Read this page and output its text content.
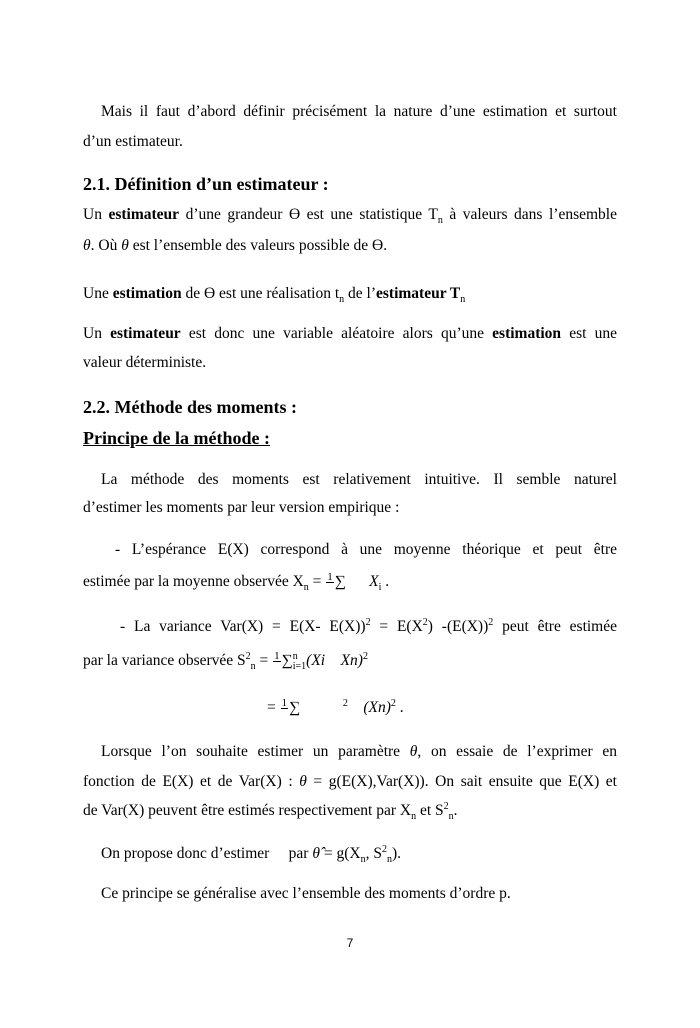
Mais il faut d’abord définir précisément la nature d’une estimation et surtout
d’un estimateur.
2.1. Définition d’un estimateur :
Un estimateur d’une grandeur ϴ est une statistique $T_n$ à valeurs dans l’ensemble
θ. Où θ est l’ensemble des valeurs possible de ϴ.
Une estimation de ϴ est une réalisation $t_n$ de l’estimateur $T_n$
Un estimateur est donc une variable aléatoire alors qu’une estimation est une
valeur déterministe.
2.2. Méthode des moments :
Principe de la méthode :
La méthode des moments est relativement intuitive. Il semble naturel
d’estimer les moments par leur version empirique :
- L’espérance E(X) correspond à une moyenne théorique et peut être
estimée par la moyenne observée $X_n = 1$ ∑ $X_i$ .
- La variance Var(X) = E(X- $E(X))^2 = E(X^2)$ $-(E(X))^2$ peut être estimée
par la variance observée $S^2_n = 1$ ∑ n
i=1 (Xi    Xn)$^2$
= 1 ∑	$^2$ $(Xn)^2$ .
Lorsque l’on souhaite estimer un paramètre θ, on essaie de l’exprimer en
fonction de E(X) et de Var(X) : θ = g(E(X),Var(X)). On sait ensuite que E(X) et
de Var(X) peuvent être estimés respectivement par $X_n$ et $S^2_n$.
On propose donc d’estimer     par θ̂ = $g(X_n$, $S^2_n$).
Ce principe se généralise avec l’ensemble des moments d’ordre p.
7
